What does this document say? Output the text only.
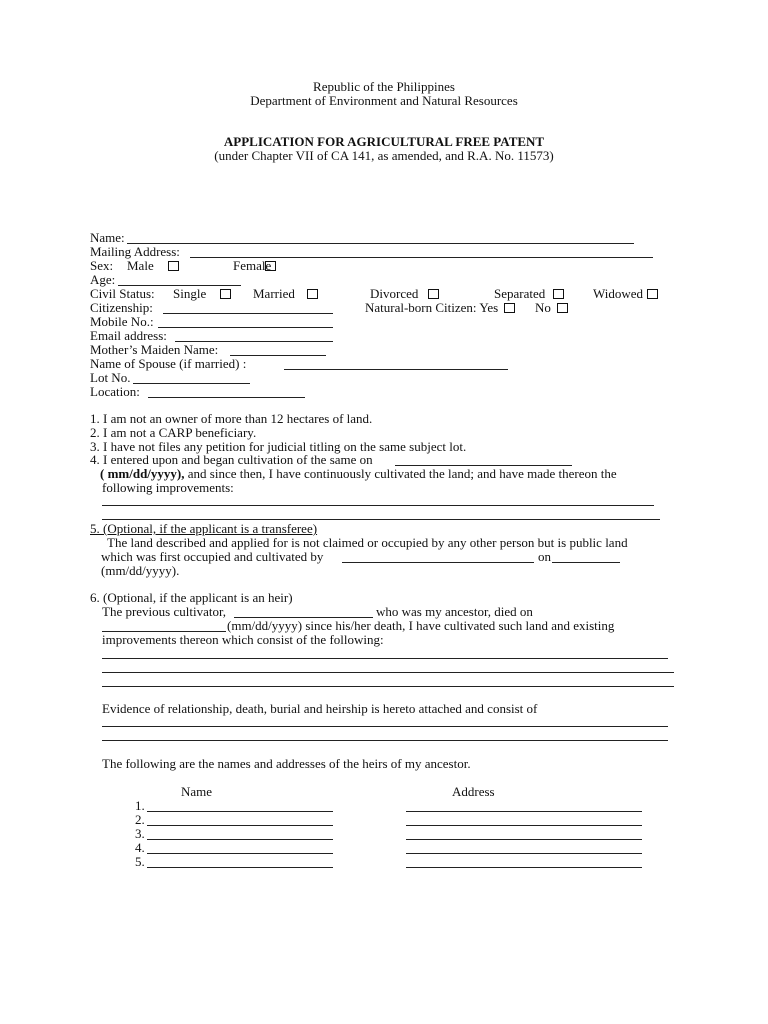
Republic of the Philippines
Department of Environment and Natural Resources
APPLICATION FOR AGRICULTURAL FREE PATENT
(under Chapter VII of CA 141, as amended, and R.A. No. 11573)
Name:
Mailing Address:
Sex: Male	Female
Age:
Civil Status: Single	Married	Divorced	Separated	Widowed
Citizenship:	Natural-born Citizen: Yes	No
Mobile No.:
Email address:
Mother’s Maiden Name:
Name of Spouse (if married) :
Lot No.
Location:
1. I am not an owner of more than 12 hectares of land.
2. I am not a CARP beneficiary.
3. I have not files any petition for judicial titling on the same subject lot.
4. I entered upon and began cultivation of the same on
( mm/dd/yyyy), and since then, I have continuously cultivated the land; and have made thereon the
following improvements:
5. (Optional, if the applicant is a transferee)
The land described and applied for is not claimed or occupied by any other person but is public land
which was first occupied and cultivated by	on
(mm/dd/yyyy).
6. (Optional, if the applicant is an heir)
The previous cultivator,	who was my ancestor, died on
(mm/dd/yyyy) since his/her death, I have cultivated such land and existing
improvements thereon which consist of the following:
Evidence of relationship, death, burial and heirship is hereto attached and consist of
The following are the names and addresses of the heirs of my ancestor.
Name	Address
1.
2.
3.
4.
5.
